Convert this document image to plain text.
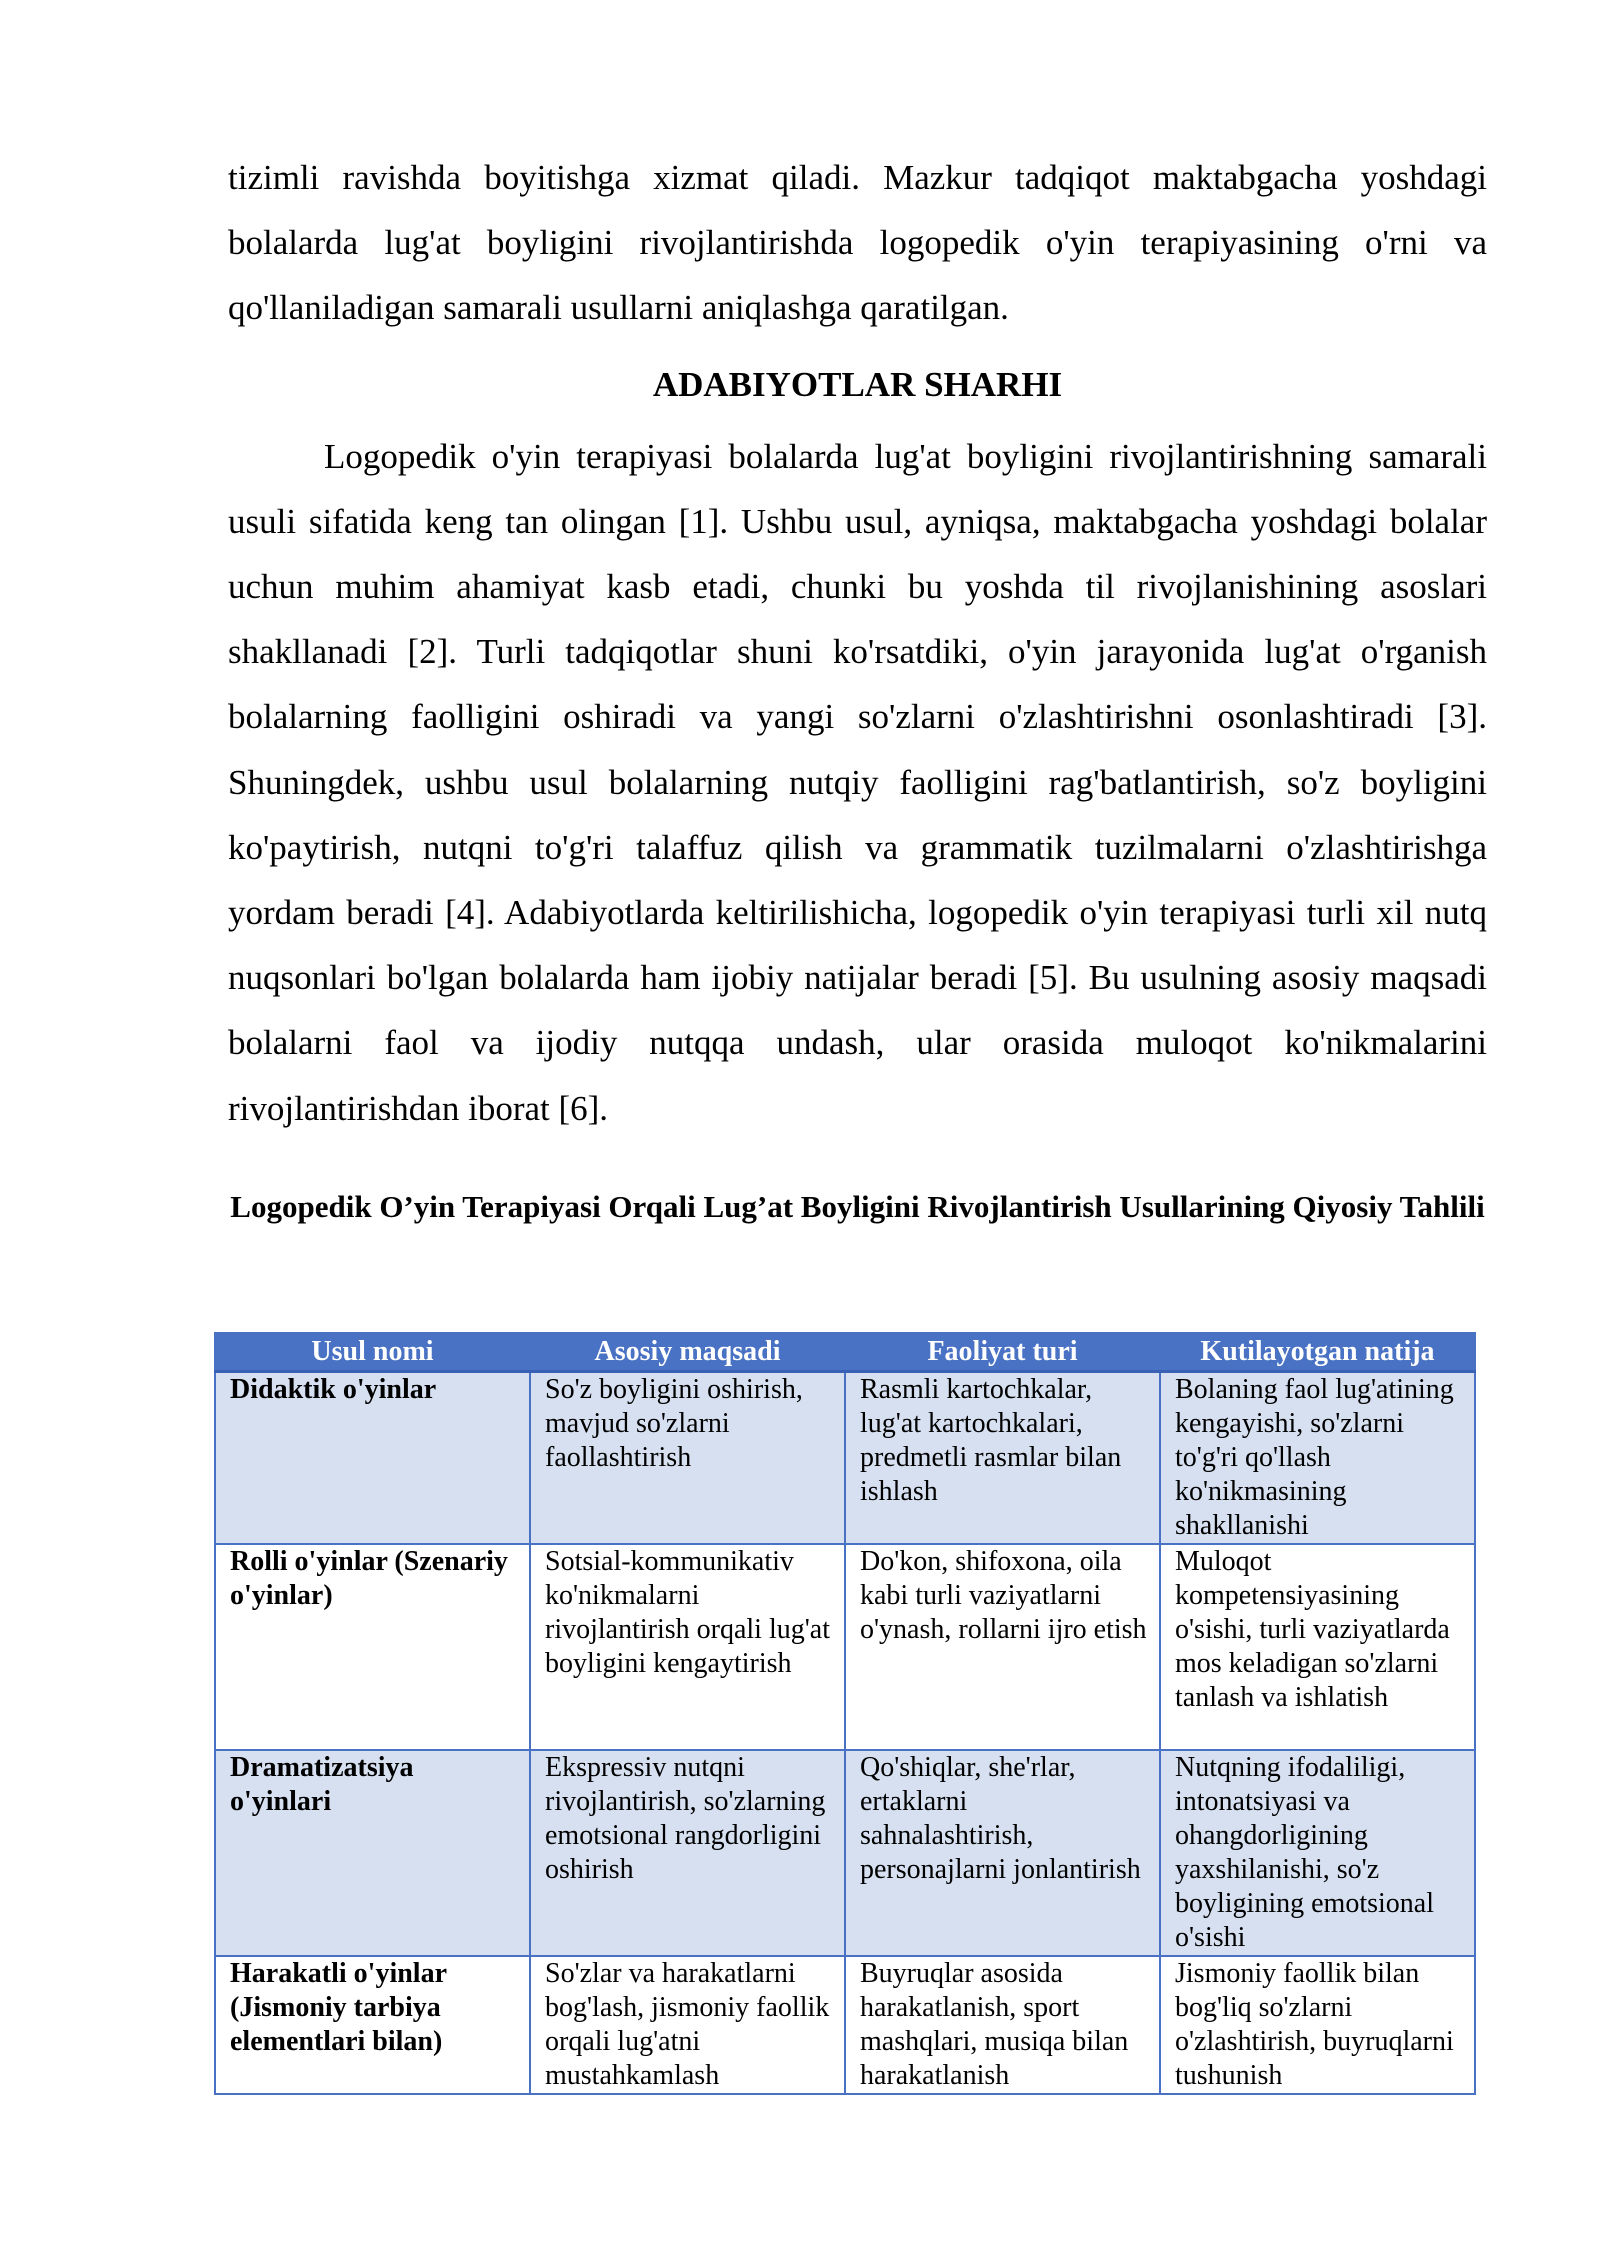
tizimli ravishda boyitishga xizmat qiladi. Mazkur tadqiqot maktabgacha yoshdagi bolalarda lug'at boyligini rivojlantirishda logopedik o'yin terapiyasining o'rni va qo'llaniladigan samarali usullarni aniqlashga qaratilgan.

ADABIYOTLAR SHARHI

Logopedik o'yin terapiyasi bolalarda lug'at boyligini rivojlantirishning samarali usuli sifatida keng tan olingan [1]. Ushbu usul, ayniqsa, maktabgacha yoshdagi bolalar uchun muhim ahamiyat kasb etadi, chunki bu yoshda til rivojlanishining asoslari shakllanadi [2]. Turli tadqiqotlar shuni ko'rsatdiki, o'yin jarayonida lug'at o'rganish bolalarning faolligini oshiradi va yangi so'zlarni o'zlashtirishni osonlashtiradi [3]. Shuningdek, ushbu usul bolalarning nutqiy faolligini rag'batlantirish, so'z boyligini ko'paytirish, nutqni to'g'ri talaffuz qilish va grammatik tuzilmalarni o'zlashtirishga yordam beradi [4]. Adabiyotlarda keltirilishicha, logopedik o'yin terapiyasi turli xil nutq nuqsonlari bo'lgan bolalarda ham ijobiy natijalar beradi [5]. Bu usulning asosiy maqsadi bolalarni faol va ijodiy nutqqa undash, ular orasida muloqot ko'nikmalarini rivojlantirishdan iborat [6].

Logopedik O’yin Terapiyasi Orqali Lug’at Boyligini Rivojlantirish Usullarining Qiyosiy Tahlili
Usul nomi	Asosiy maqsadi	Faoliyat turi	Kutilayotgan natija
Didaktik o'yinlar	So'z boyligini oshirish, mavjud so'zlarni faollashtirish	Rasmli kartochkalar, lug'at kartochkalari, predmetli rasmlar bilan ishlash	Bolaning faol lug'atining kengayishi, so'zlarni to'g'ri qo'llash ko'nikmasining shakllanishi
Rolli o'yinlar (Szenariy o'yinlar)	Sotsial-kommunikativ ko'nikmalarni rivojlantirish orqali lug'at boyligini kengaytirish	Do'kon, shifoxona, oila kabi turli vaziyatlarni o'ynash, rollarni ijro etish	Muloqot kompetensiyasining o'sishi, turli vaziyatlarda mos keladigan so'zlarni tanlash va ishlatish
Dramatizatsiya o'yinlari	Ekspressiv nutqni rivojlantirish, so'zlarning emotsional rangdorligini oshirish	Qo'shiqlar, she'rlar, ertaklarni sahnalashtirish, personajlarni jonlantirish	Nutqning ifodaliligi, intonatsiyasi va ohangdorligining yaxshilanishi, so'z boyligining emotsional o'sishi
Harakatli o'yinlar (Jismoniy tarbiya elementlari bilan)	So'zlar va harakatlarni bog'lash, jismoniy faollik orqali lug'atni mustahkamlash	Buyruqlar asosida harakatlanish, sport mashqlari, musiqa bilan harakatlanish	Jismoniy faollik bilan bog'liq so'zlarni o'zlashtirish, buyruqlarni tushunish
